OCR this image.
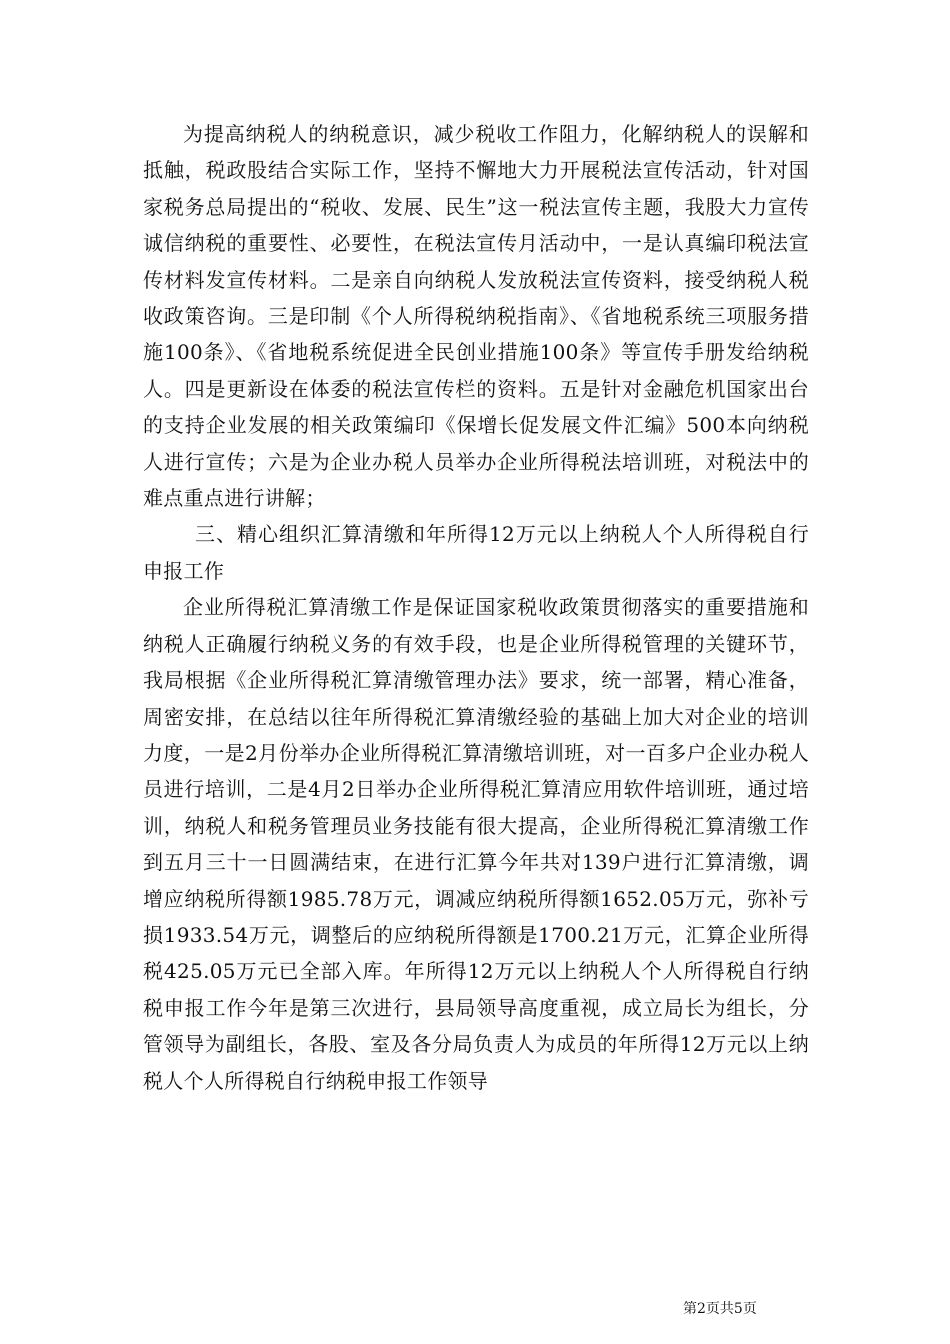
为提高纳税人的纳税意识，减少税收工作阻力，化解纳税人的误解和抵触，税政股结合实际工作，坚持不懈地大力开展税法宣传活动，针对国家税务总局提出的“税收、发展、民生”这一税法宣传主题，我股大力宣传诚信纳税的重要性、必要性，在税法宣传月活动中，一是认真编印税法宣传材料发宣传材料。二是亲自向纳税人发放税法宣传资料，接受纳税人税收政策咨询。三是印制《个人所得税纳税指南》、《省地税系统三项服务措施100条》、《省地税系统促进全民创业措施100条》等宣传手册发给纳税人。四是更新设在体委的税法宣传栏的资料。五是针对金融危机国家出台的支持企业发展的相关政策编印《保增长促发展文件汇编》500本向纳税人进行宣传；六是为企业办税人员举办企业所得税法培训班，对税法中的难点重点进行讲解；

三、精心组织汇算清缴和年所得12万元以上纳税人个人所得税自行申报工作

企业所得税汇算清缴工作是保证国家税收政策贯彻落实的重要措施和纳税人正确履行纳税义务的有效手段，也是企业所得税管理的关键环节，我局根据《企业所得税汇算清缴管理办法》要求，统一部署，精心准备，周密安排，在总结以往年所得税汇算清缴经验的基础上加大对企业的培训力度，一是2月份举办企业所得税汇算清缴培训班，对一百多户企业办税人员进行培训，二是4月2日举办企业所得税汇算清应用软件培训班，通过培训，纳税人和税务管理员业务技能有很大提高，企业所得税汇算清缴工作到五月三十一日圆满结束，在进行汇算今年共对139户进行汇算清缴，调增应纳税所得额1985.78万元，调减应纳税所得额1652.05万元，弥补亏损1933.54万元，调整后的应纳税所得额是1700.21万元，汇算企业所得税425.05万元已全部入库。年所得12万元以上纳税人个人所得税自行纳税申报工作今年是第三次进行，县局领导高度重视，成立局长为组长，分管领导为副组长，各股、室及各分局负责人为成员的年所得12万元以上纳税人个人所得税自行纳税申报工作领导

第2页共5页
